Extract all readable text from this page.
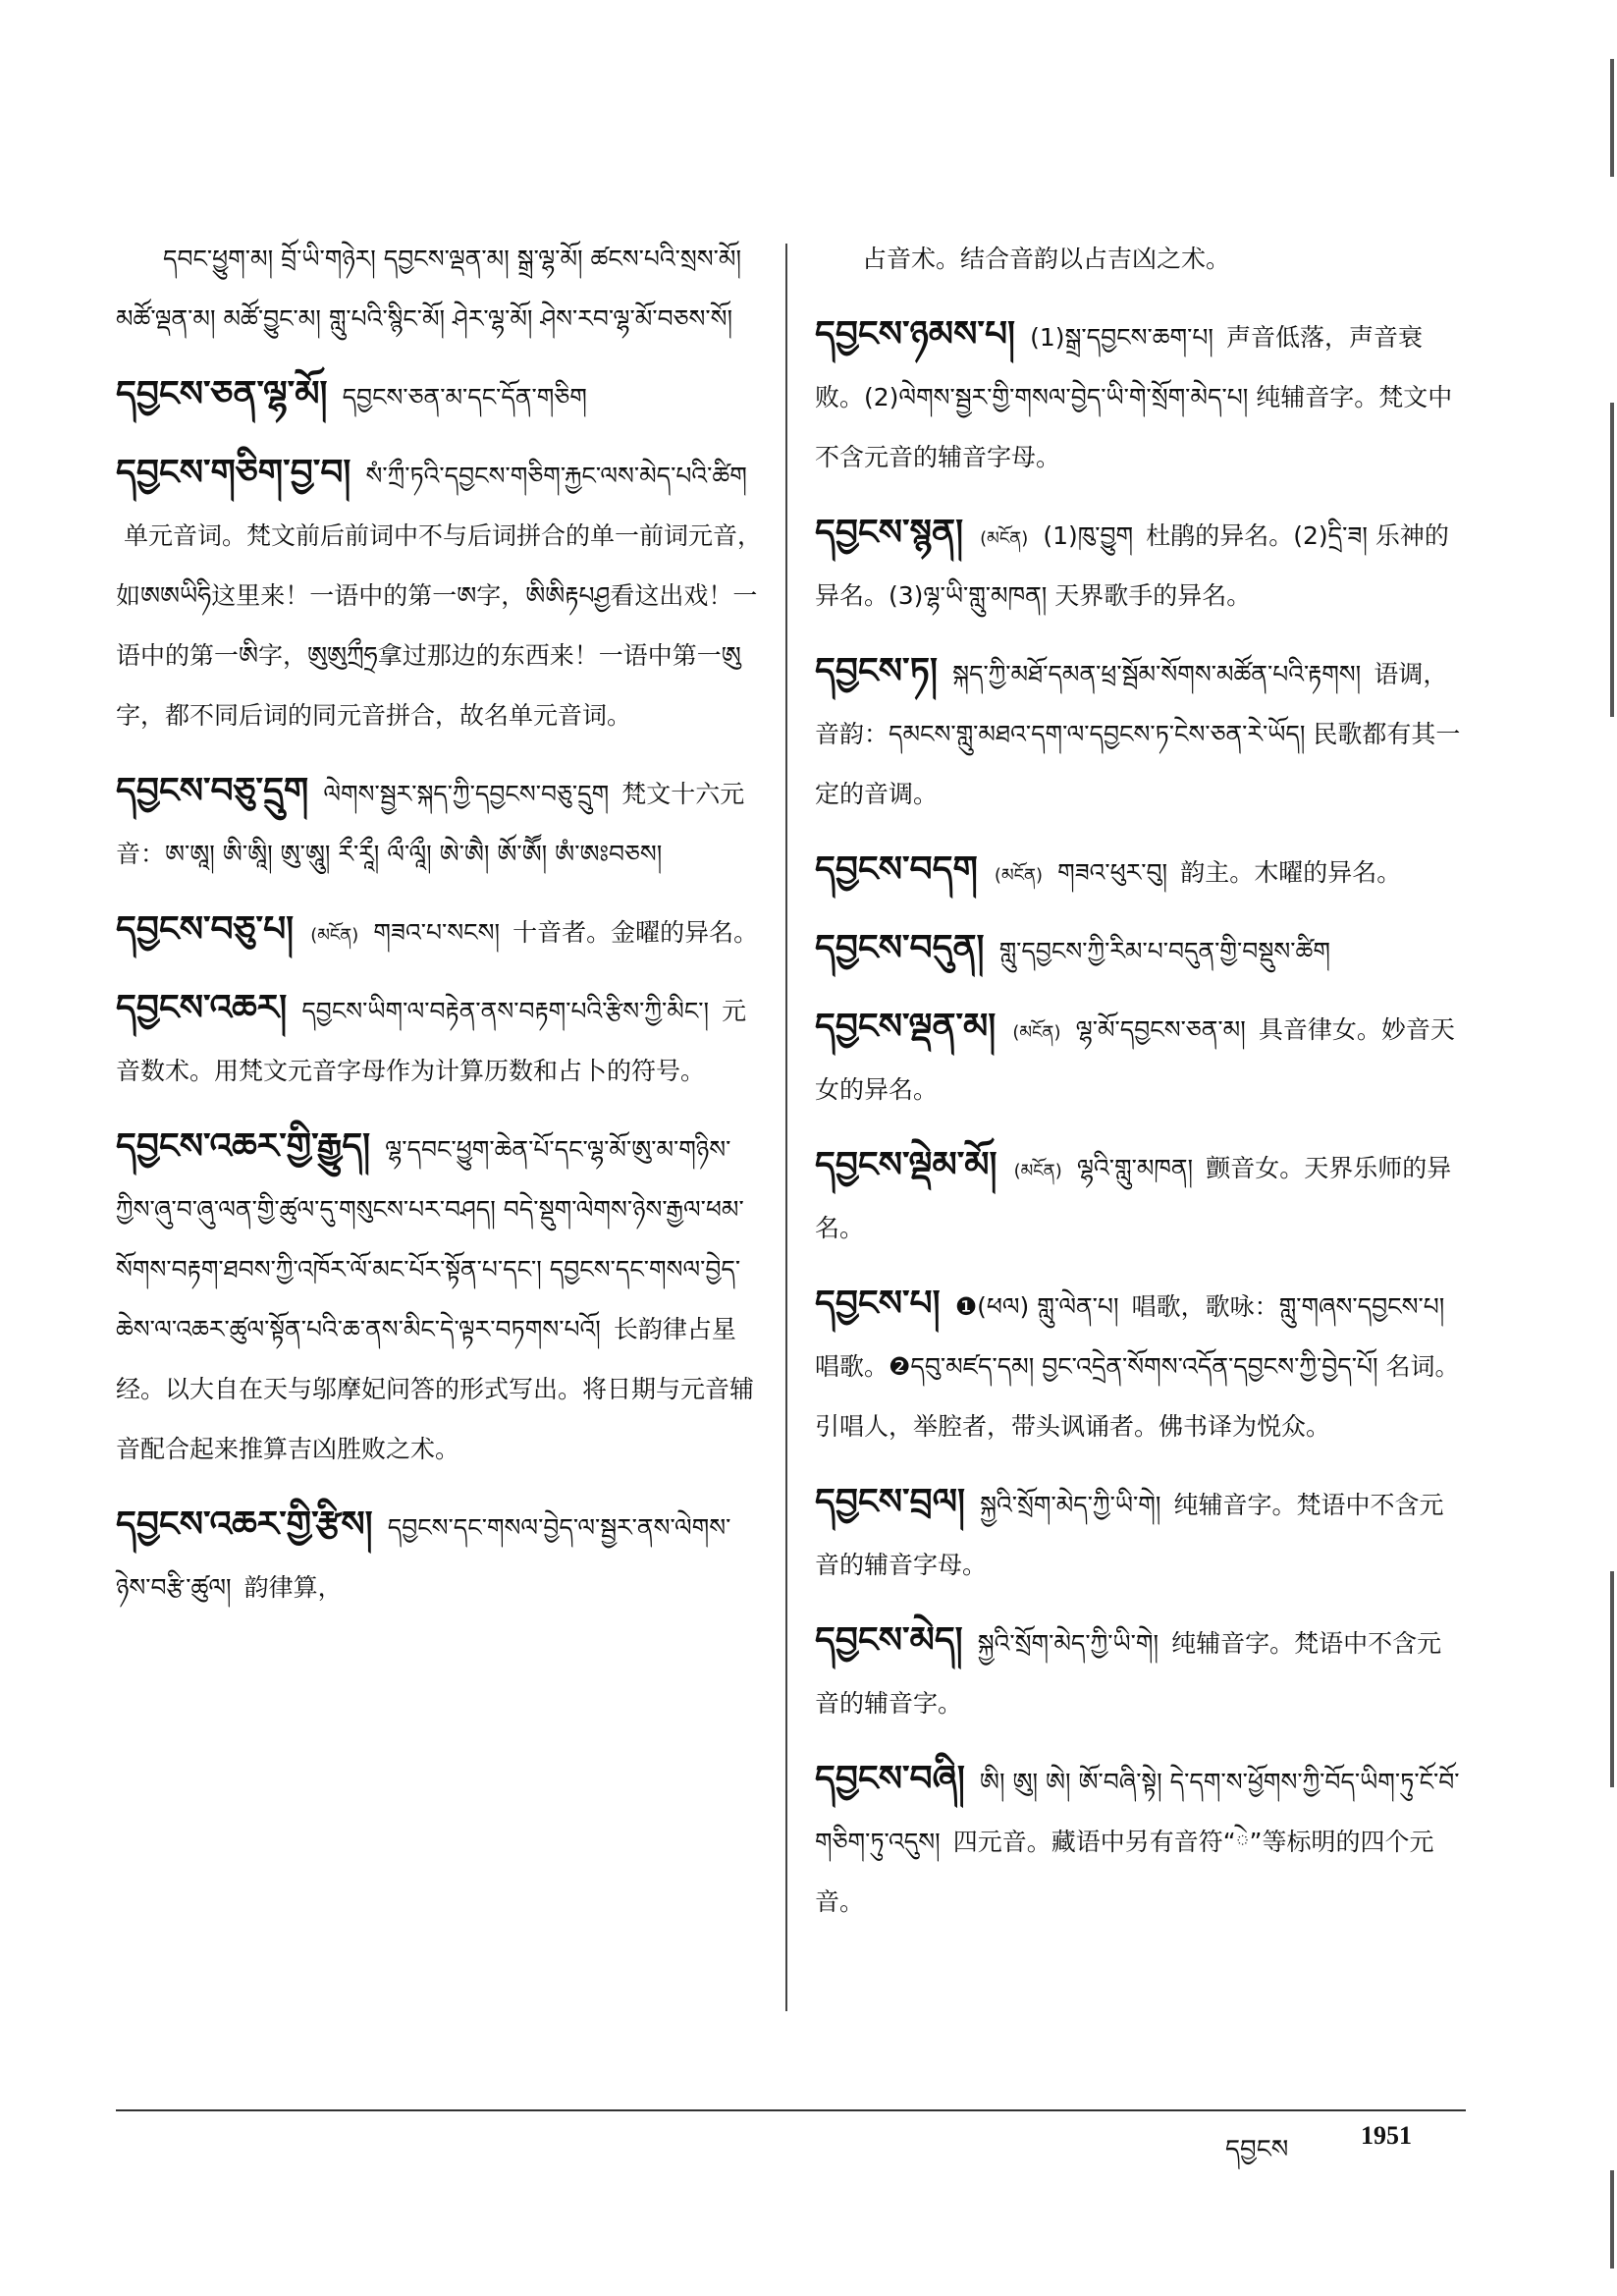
དབང་ཕྱུག་མ། བྲོ་ཡི་གཉེར། དབྱངས་ལྡན་མ། སྒྲ་ལྷ་མོ། ཚངས་པའི་སྲས་མོ། མཚོ་ལྡན་མ། མཚོ་བྱུང་མ། གླུ་པའི་སྙིང་མོ། ཤེར་ལྷ་མོ། ཤེས་རབ་ལྷ་མོ་བཅས་སོ།
དབྱངས་ཅན་ལྷ་མོ། དབྱངས་ཅན་མ་དང་དོན་གཅིག
དབྱངས་གཅིག་བྱ་བ། སཾ་ཀྲྀ་ཏའི་དབྱངས་གཅིག་རྐྱང་ལས་མེད་པའི་ཚིག 单元音词。梵文前后前词中不与后词拼合的单一前词元音，如ཨཨཡིཧི这里来！一语中的第一ཨ字，ཨིཨིརྟཔཤྱ看这出戏！一语中的第一ཨི字，ཨུཨུཀྲྀཧྲ拿过那边的东西来！一语中第一ཨུ字，都不同后词的同元音拼合，故名单元音词。
དབྱངས་བཅུ་དྲུག ལེགས་སྦྱར་སྐད་ཀྱི་དབྱངས་བཅུ་དྲུག 梵文十六元音：ཨ་ཨཱ། ཨི་ཨཱི། ཨུ་ཨཱུ། རྀ་རཱྀ། ལྀ་ལཱྀ། ཨེ་ཨཻ། ཨོ་ཨཽ། ཨཾ་ཨཿབཅས།
དབྱངས་བཅུ་པ། (མངོན) གཟའ་པ་སངས། 十音者。金曜的异名。
དབྱངས་འཆར། དབྱངས་ཡིག་ལ་བརྟེན་ནས་བརྟག་པའི་རྩིས་ཀྱི་མིང་། 元音数术。用梵文元音字母作为计算历数和占卜的符号。
དབྱངས་འཆར་གྱི་རྒྱུད། ལྷ་དབང་ཕྱུག་ཆེན་པོ་དང་ལྷ་མོ་ཨུ་མ་གཉིས་ཀྱིས་ཞུ་བ་ཞུ་ལན་གྱི་ཚུལ་དུ་གསུངས་པར་བཤད། བདེ་སྡུག་ལེགས་ཉེས་རྒྱལ་ཕམ་སོགས་བརྟག་ཐབས་ཀྱི་འཁོར་ལོ་མང་པོར་སྟོན་པ་དང་། དབྱངས་དང་གསལ་བྱེད་ཆེས་ལ་འཆར་ཚུལ་སྟོན་པའི་ཆ་ནས་མིང་དེ་ལྟར་བཏགས་པའོ། 长韵律占星经。以大自在天与邬摩妃问答的形式写出。将日期与元音辅音配合起来推算吉凶胜败之术。
དབྱངས་འཆར་གྱི་རྩིས། དབྱངས་དང་གསལ་བྱེད་ལ་སྦྱར་ནས་ལེགས་ཉེས་བརྩི་ཚུལ། 韵律算，
占音术。结合音韵以占吉凶之术。
དབྱངས་ཉམས་པ། (1)སྒྲ་དབྱངས་ཆག་པ། 声音低落，声音衰败。(2)ལེགས་སྦྱར་གྱི་གསལ་བྱེད་ཡི་གེ་སྲོག་མེད་པ། 纯辅音字。梵文中不含元音的辅音字母。
དབྱངས་སྙན། (མངོན) (1)ཁུ་བྱུག 杜鹃的异名。(2)དྲི་ཟ། 乐神的异名。(3)ལྷ་ཡི་གླུ་མཁན། 天界歌手的异名。
དབྱངས་ཏ། སྐད་ཀྱི་མཐོ་དམན་ཕྲ་སྦོམ་སོགས་མཚོན་པའི་རྟགས། 语调，音韵：དམངས་གླུ་མཐའ་དག་ལ་དབྱངས་ཏ་ངེས་ཅན་རེ་ཡོད། 民歌都有其一定的音调。
དབྱངས་བདག (མངོན) གཟའ་ཕུར་བུ། 韵主。木曜的异名。
དབྱངས་བདུན། གླུ་དབྱངས་ཀྱི་རིམ་པ་བདུན་གྱི་བསྡུས་ཚིག
དབྱངས་ལྡན་མ། (མངོན) ལྷ་མོ་དབྱངས་ཅན་མ། 具音律女。妙音天女的异名。
དབྱངས་ལྡེམ་མོ། (མངོན) ལྷའི་གླུ་མཁན། 颤音女。天界乐师的异名。
དབྱངས་པ། ❶(ཕལ) གླུ་ལེན་པ། 唱歌，歌咏：གླུ་གཞས་དབྱངས་པ། 唱歌。❷དབུ་མཛད་དམ། བྱང་འདྲེན་སོགས་འདོན་དབྱངས་ཀྱི་བྱེད་པོ། 名词。引唱人，举腔者，带头讽诵者。佛书译为悦众。
དབྱངས་བྲལ། སྐྱའི་སྲོག་མེད་ཀྱི་ཡི་གེ། 纯辅音字。梵语中不含元音的辅音字母。
དབྱངས་མེད། སྐྱའི་སྲོག་མེད་ཀྱི་ཡི་གེ། 纯辅音字。梵语中不含元音的辅音字。
དབྱངས་བཞི། ཨི། ཨུ། ཨེ། ཨོ་བཞི་སྟེ། དེ་དག་ས་ཕྱོགས་ཀྱི་བོད་ཡིག་ཏུ་ངོ་བོ་གཅིག་ཏུ་འདུས། 四元音。藏语中另有音符“ེ”等标明的四个元音。
དབྱངས	1951
